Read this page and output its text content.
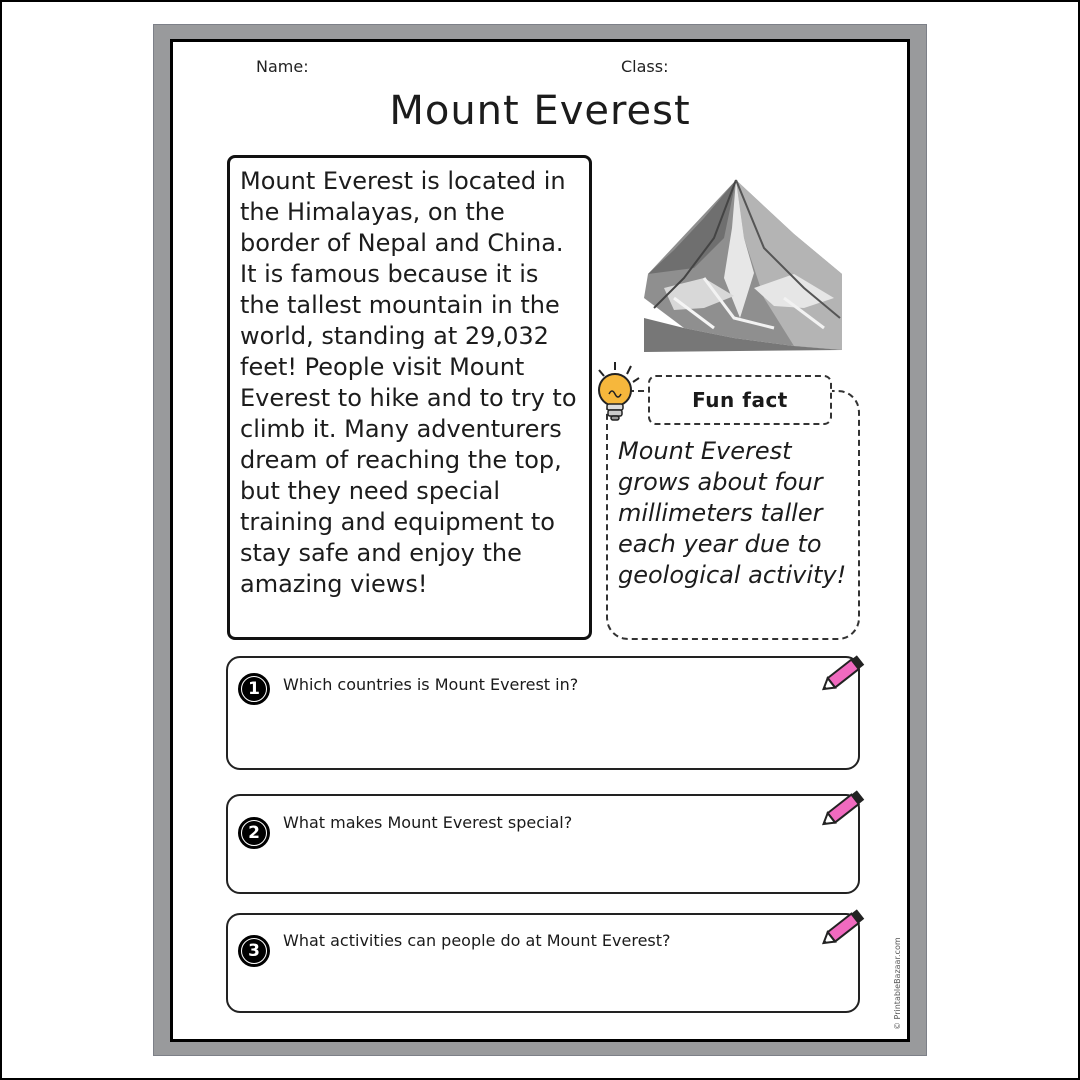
Name:	Class:
Mount Everest

Mount Everest is located in the Himalayas, on the border of Nepal and China. It is famous because it is the tallest mountain in the world, standing at 29,032 feet! People visit Mount Everest to hike and to try to climb it. Many adventurers dream of reaching the top, but they need special training and equipment to stay safe and enjoy the amazing views!

Fun fact

Mount Everest grows about four millimeters taller each year due to geological activity!

1	Which countries is Mount Everest in?
2
What makes Mount Everest special?
3
What activities can people do at Mount Everest?	© PrintableBazaar.com
